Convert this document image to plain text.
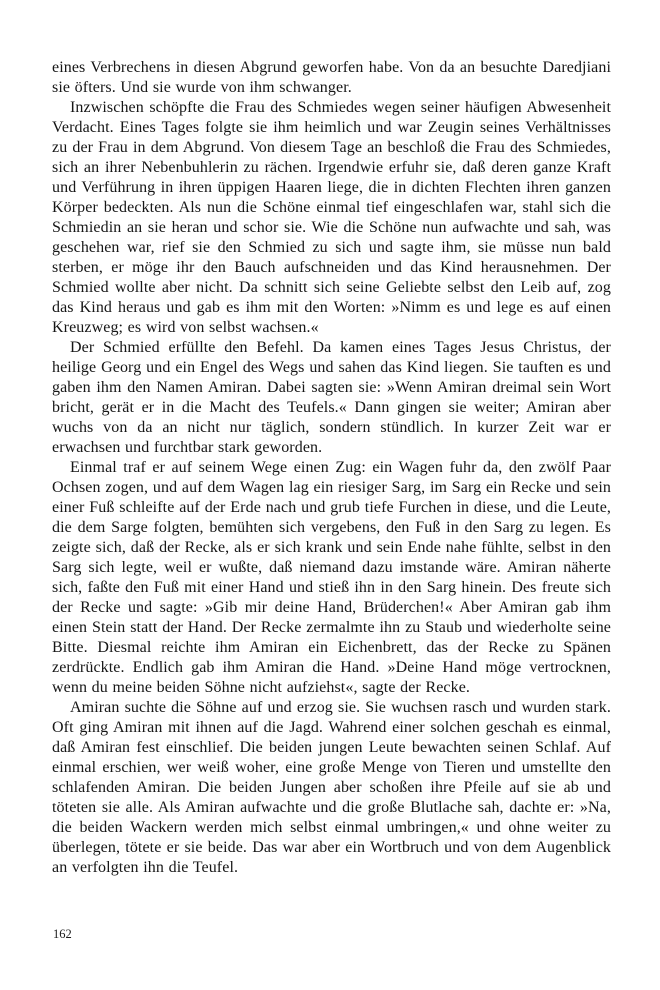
eines Verbrechens in diesen Abgrund geworfen habe. Von da an besuchte Daredjiani sie öfters. Und sie wurde von ihm schwanger.

Inzwischen schöpfte die Frau des Schmiedes wegen seiner häufigen Abwesenheit Verdacht. Eines Tages folgte sie ihm heimlich und war Zeugin seines Verhältnisses zu der Frau in dem Abgrund. Von diesem Tage an beschloß die Frau des Schmiedes, sich an ihrer Nebenbuhlerin zu rächen. Irgendwie erfuhr sie, daß deren ganze Kraft und Verführung in ihren üppigen Haaren liege, die in dichten Flechten ihren ganzen Körper bedeckten. Als nun die Schöne einmal tief eingeschlafen war, stahl sich die Schmiedin an sie heran und schor sie. Wie die Schöne nun aufwachte und sah, was geschehen war, rief sie den Schmied zu sich und sagte ihm, sie müsse nun bald sterben, er möge ihr den Bauch aufschneiden und das Kind herausnehmen. Der Schmied wollte aber nicht. Da schnitt sich seine Geliebte selbst den Leib auf, zog das Kind heraus und gab es ihm mit den Worten: »Nimm es und lege es auf einen Kreuzweg; es wird von selbst wachsen.«

Der Schmied erfüllte den Befehl. Da kamen eines Tages Jesus Christus, der heilige Georg und ein Engel des Wegs und sahen das Kind liegen. Sie tauften es und gaben ihm den Namen Amiran. Dabei sagten sie: »Wenn Amiran dreimal sein Wort bricht, gerät er in die Macht des Teufels.« Dann gingen sie weiter; Amiran aber wuchs von da an nicht nur täglich, sondern stündlich. In kurzer Zeit war er erwachsen und furchtbar stark geworden.

Einmal traf er auf seinem Wege einen Zug: ein Wagen fuhr da, den zwölf Paar Ochsen zogen, und auf dem Wagen lag ein riesiger Sarg, im Sarg ein Recke und sein einer Fuß schleifte auf der Erde nach und grub tiefe Furchen in diese, und die Leute, die dem Sarge folgten, bemühten sich vergebens, den Fuß in den Sarg zu legen. Es zeigte sich, daß der Recke, als er sich krank und sein Ende nahe fühlte, selbst in den Sarg sich legte, weil er wußte, daß niemand dazu imstande wäre. Amiran näherte sich, faßte den Fuß mit einer Hand und stieß ihn in den Sarg hinein. Des freute sich der Recke und sagte: »Gib mir deine Hand, Brüderchen!« Aber Amiran gab ihm einen Stein statt der Hand. Der Recke zermalmte ihn zu Staub und wiederholte seine Bitte. Diesmal reichte ihm Amiran ein Eichenbrett, das der Recke zu Spänen zerdrückte. Endlich gab ihm Amiran die Hand. »Deine Hand möge vertrocknen, wenn du meine beiden Söhne nicht aufziehst«, sagte der Recke.

Amiran suchte die Söhne auf und erzog sie. Sie wuchsen rasch und wurden stark. Oft ging Amiran mit ihnen auf die Jagd. Wahrend einer solchen geschah es einmal, daß Amiran fest einschlief. Die beiden jungen Leute bewachten seinen Schlaf. Auf einmal erschien, wer weiß woher, eine große Menge von Tieren und umstellte den schlafenden Amiran. Die beiden Jungen aber schoßen ihre Pfeile auf sie ab und töteten sie alle. Als Amiran aufwachte und die große Blutlache sah, dachte er: »Na, die beiden Wackern werden mich selbst einmal umbringen,« und ohne weiter zu überlegen, tötete er sie beide. Das war aber ein Wortbruch und von dem Augenblick an verfolgten ihn die Teufel.

162
